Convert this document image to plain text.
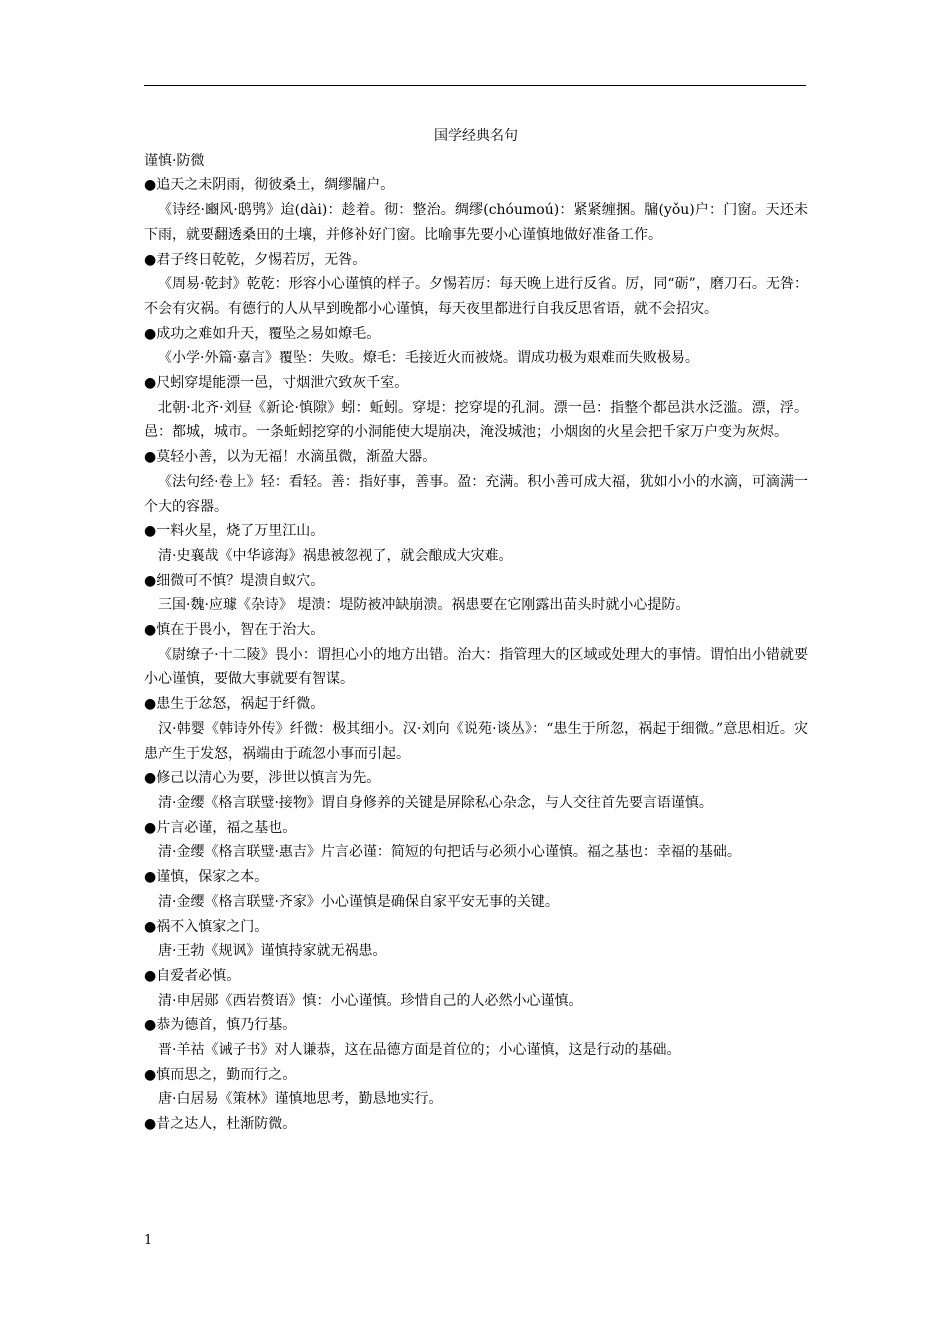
国学经典名句
谨慎·防微
●追天之未阴雨，彻彼桑土，绸缪牖户。
《诗经·豳风·鸱鸮》迨(dài)：趁着。彻：整治。绸缪(chóumoú)：紧紧缠捆。牖(yǒu)户：门窗。天还未下雨，就要翻透桑田的土壤，并修补好门窗。比喻事先要小心谨慎地做好准备工作。
●君子终日乾乾，夕惕若厉，无咎。
《周易·乾封》乾乾：形容小心谨慎的样子。夕惕若厉：每天晚上进行反省。厉，同“砺”，磨刀石。无咎：不会有灾祸。有德行的人从早到晚都小心谨慎，每天夜里都进行自我反思省语，就不会招灾。
●成功之难如升天，覆坠之易如燎毛。
《小学·外篇·嘉言》覆坠：失败。燎毛：毛接近火而被烧。谓成功极为艰难而失败极易。
●尺蚓穿堤能漂一邑，寸烟泄穴致灰千室。
北朝·北齐·刘昼《新论·慎隙》蚓：蚯蚓。穿堤：挖穿堤的孔洞。漂一邑：指整个都邑洪水泛滥。漂，浮。邑：都城，城市。一条蚯蚓挖穿的小洞能使大堤崩决，淹没城池；小烟囱的火星会把千家万户变为灰烬。
●莫轻小善，以为无福！水滴虽微，渐盈大器。
《法句经·卷上》轻：看轻。善：指好事，善事。盈：充满。积小善可成大福，犹如小小的水滴，可滴满一个大的容器。
●一料火星，烧了万里江山。
清·史襄哉《中华谚海》祸患被忽视了，就会酿成大灾难。
●细微可不慎？堤溃自蚁穴。
三国·魏·应璩《杂诗》 堤溃：堤防被冲缺崩溃。祸患要在它刚露出苗头时就小心提防。
●慎在于畏小，智在于治大。
《尉缭子·十二陵》畏小：谓担心小的地方出错。治大：指管理大的区域或处理大的事情。谓怕出小错就要小心谨慎，要做大事就要有智谋。
●患生于忿怒，祸起于纤微。
汉·韩婴《韩诗外传》纤微：极其细小。汉·刘向《说苑·谈丛》：“患生于所忽，祸起于细微。”意思相近。灾患产生于发怒，祸端由于疏忽小事而引起。
●修己以清心为要，涉世以慎言为先。
清·金缨《格言联璧·接物》谓自身修养的关键是屏除私心杂念，与人交往首先要言语谨慎。
●片言必谨，福之基也。
清·金缨《格言联璧·惠吉》片言必谨：简短的句把话与必须小心谨慎。福之基也：幸福的基础。
●谨慎，保家之本。
清·金缨《格言联璧·齐家》小心谨慎是确保自家平安无事的关键。
●祸不入慎家之门。
唐·王勃《规讽》谨慎持家就无祸患。
●自爱者必慎。
清·申居郧《西岩赘语》慎：小心谨慎。珍惜自己的人必然小心谨慎。
●恭为德首，慎乃行基。
晋·羊祜《诫子书》对人谦恭，这在品德方面是首位的；小心谨慎，这是行动的基础。
●慎而思之，勤而行之。
唐·白居易《策林》谨慎地思考，勤恳地实行。
●昔之达人，杜渐防微。
1
